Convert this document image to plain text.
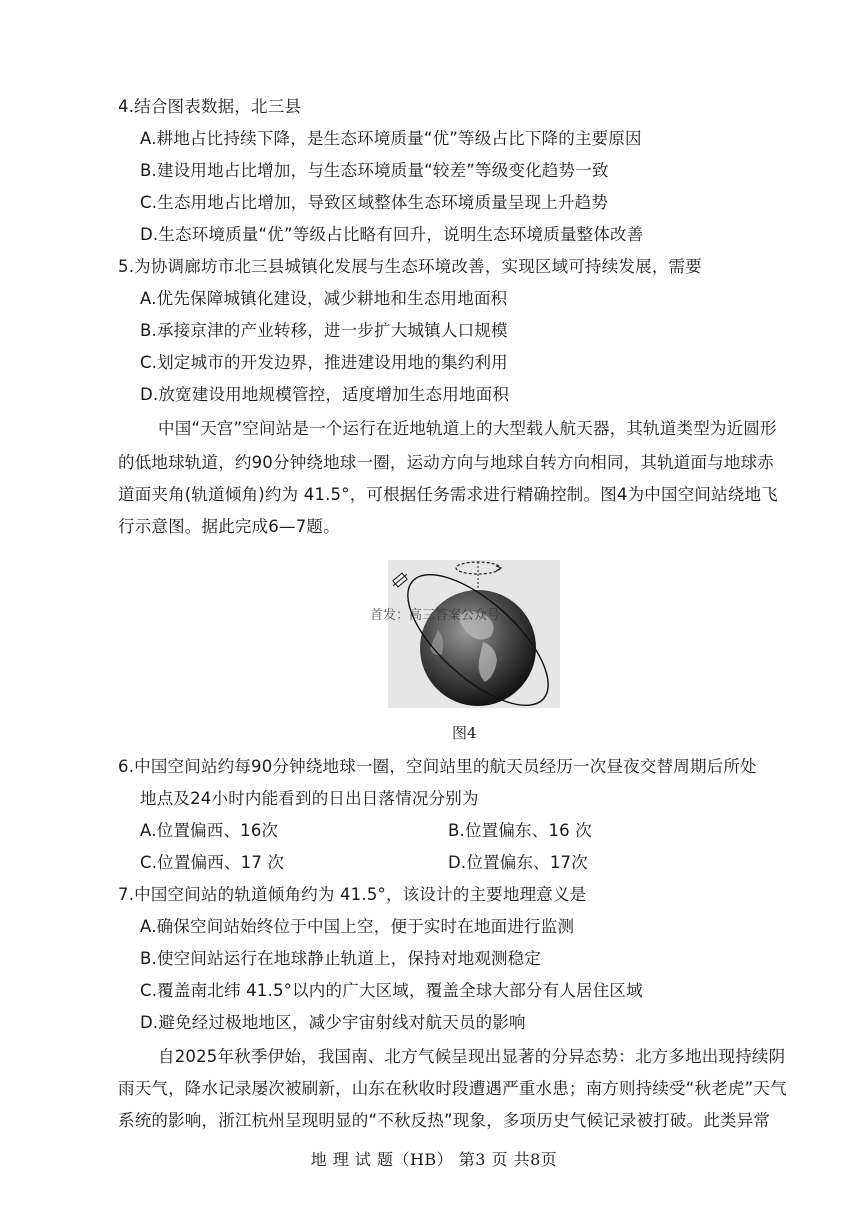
4.结合图表数据，北三县
A.耕地占比持续下降，是生态环境质量“优”等级占比下降的主要原因
B.建设用地占比增加，与生态环境质量“较差”等级变化趋势一致
C.生态用地占比增加，导致区域整体生态环境质量呈现上升趋势
D.生态环境质量“优”等级占比略有回升，说明生态环境质量整体改善
5.为协调廊坊市北三县城镇化发展与生态环境改善，实现区域可持续发展，需要
A.优先保障城镇化建设，减少耕地和生态用地面积
B.承接京津的产业转移，进一步扩大城镇人口规模
C.划定城市的开发边界，推进建设用地的集约利用
D.放宽建设用地规模管控，适度增加生态用地面积
中国“天宫”空间站是一个运行在近地轨道上的大型载人航天器，其轨道类型为近圆形
的低地球轨道，约90分钟绕地球一圈，运动方向与地球自转方向相同，其轨道面与地球赤
道面夹角(轨道倾角)约为 41.5°，可根据任务需求进行精确控制。图4为中国空间站绕地飞
行示意图。据此完成6—7题。
首发：高三答案公众号
图4
6.中国空间站约每90分钟绕地球一圈，空间站里的航天员经历一次昼夜交替周期后所处
地点及24小时内能看到的日出日落情况分别为
A.位置偏西、16次	B.位置偏东、16 次
C.位置偏西、17 次	D.位置偏东、17次
7.中国空间站的轨道倾角约为 41.5°，该设计的主要地理意义是
A.确保空间站始终位于中国上空，便于实时在地面进行监测
B.使空间站运行在地球静止轨道上，保持对地观测稳定
C.覆盖南北纬 41.5°以内的广大区域，覆盖全球大部分有人居住区域
D.避免经过极地地区，减少宇宙射线对航天员的影响
自2025年秋季伊始，我国南、北方气候呈现出显著的分异态势：北方多地出现持续阴
雨天气，降水记录屡次被刷新，山东在秋收时段遭遇严重水患；南方则持续受“秋老虎”天气
系统的影响，浙江杭州呈现明显的“不秋反热”现象，多项历史气候记录被打破。此类异常
地 理 试 题（HB） 第3 页 共8页
